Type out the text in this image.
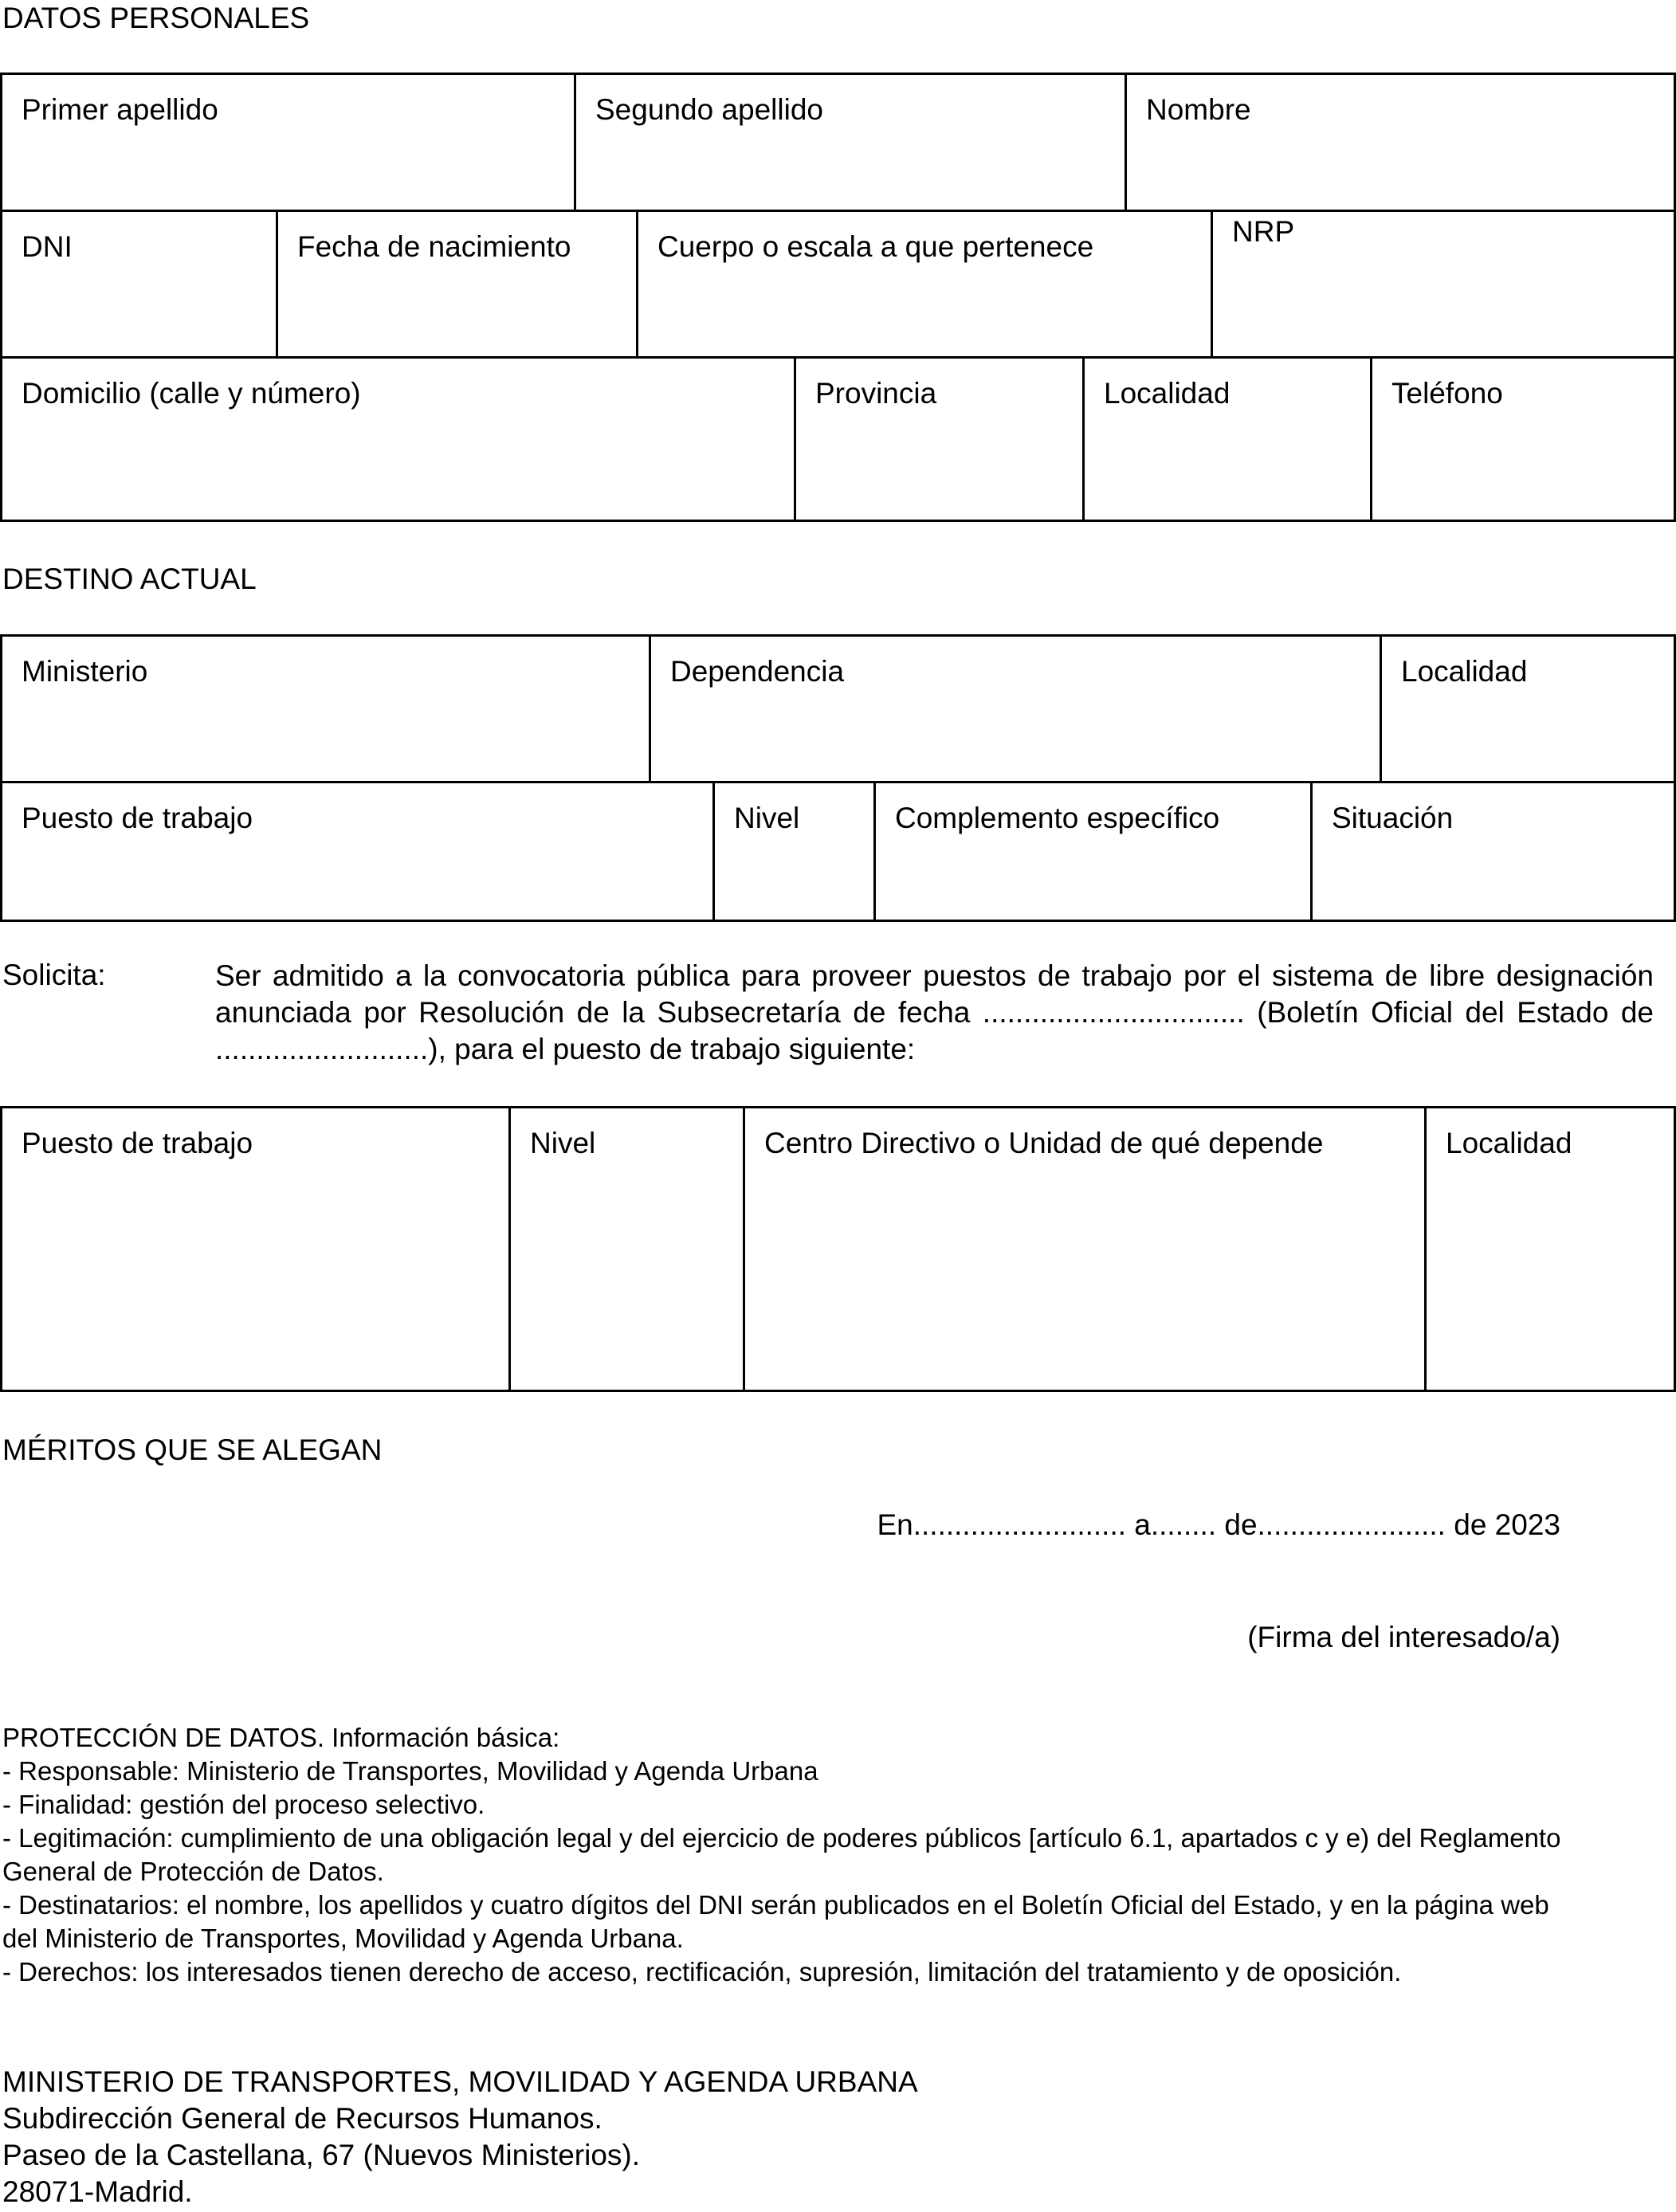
DATOS PERSONALES
Primer apellido	Segundo apellido	Nombre
DNI	Fecha de nacimiento	Cuerpo o escala a que pertenece	NRP
Domicilio (calle y número)	Provincia	Localidad	Teléfono
DESTINO ACTUAL
Ministerio	Dependencia	Localidad
Puesto de trabajo	Nivel	Complemento específico	Situación
Solicita:	Ser admitido a la convocatoria pública para proveer puestos de trabajo por el sistema de libre designación anunciada por Resolución de la Subsecretaría de fecha ................................ (Boletín Oficial del Estado de ..........................), para el puesto de trabajo siguiente:
Puesto de trabajo	Nivel	Centro Directivo o Unidad de qué depende	Localidad
MÉRITOS QUE SE ALEGAN
En.......................... a........ de....................... de 2023
(Firma del interesado/a)
PROTECCIÓN DE DATOS. Información básica:
- Responsable: Ministerio de Transportes, Movilidad y Agenda Urbana
- Finalidad: gestión del proceso selectivo.
- Legitimación: cumplimiento de una obligación legal y del ejercicio de poderes públicos [artículo 6.1, apartados c y e) del Reglamento General de Protección de Datos.
- Destinatarios: el nombre, los apellidos y cuatro dígitos del DNI serán publicados en el Boletín Oficial del Estado, y en la página web del Ministerio de Transportes, Movilidad y Agenda Urbana.
- Derechos: los interesados tienen derecho de acceso, rectificación, supresión, limitación del tratamiento y de oposición.
MINISTERIO DE TRANSPORTES, MOVILIDAD Y AGENDA URBANA
Subdirección General de Recursos Humanos.
Paseo de la Castellana, 67 (Nuevos Ministerios).
28071-Madrid.
